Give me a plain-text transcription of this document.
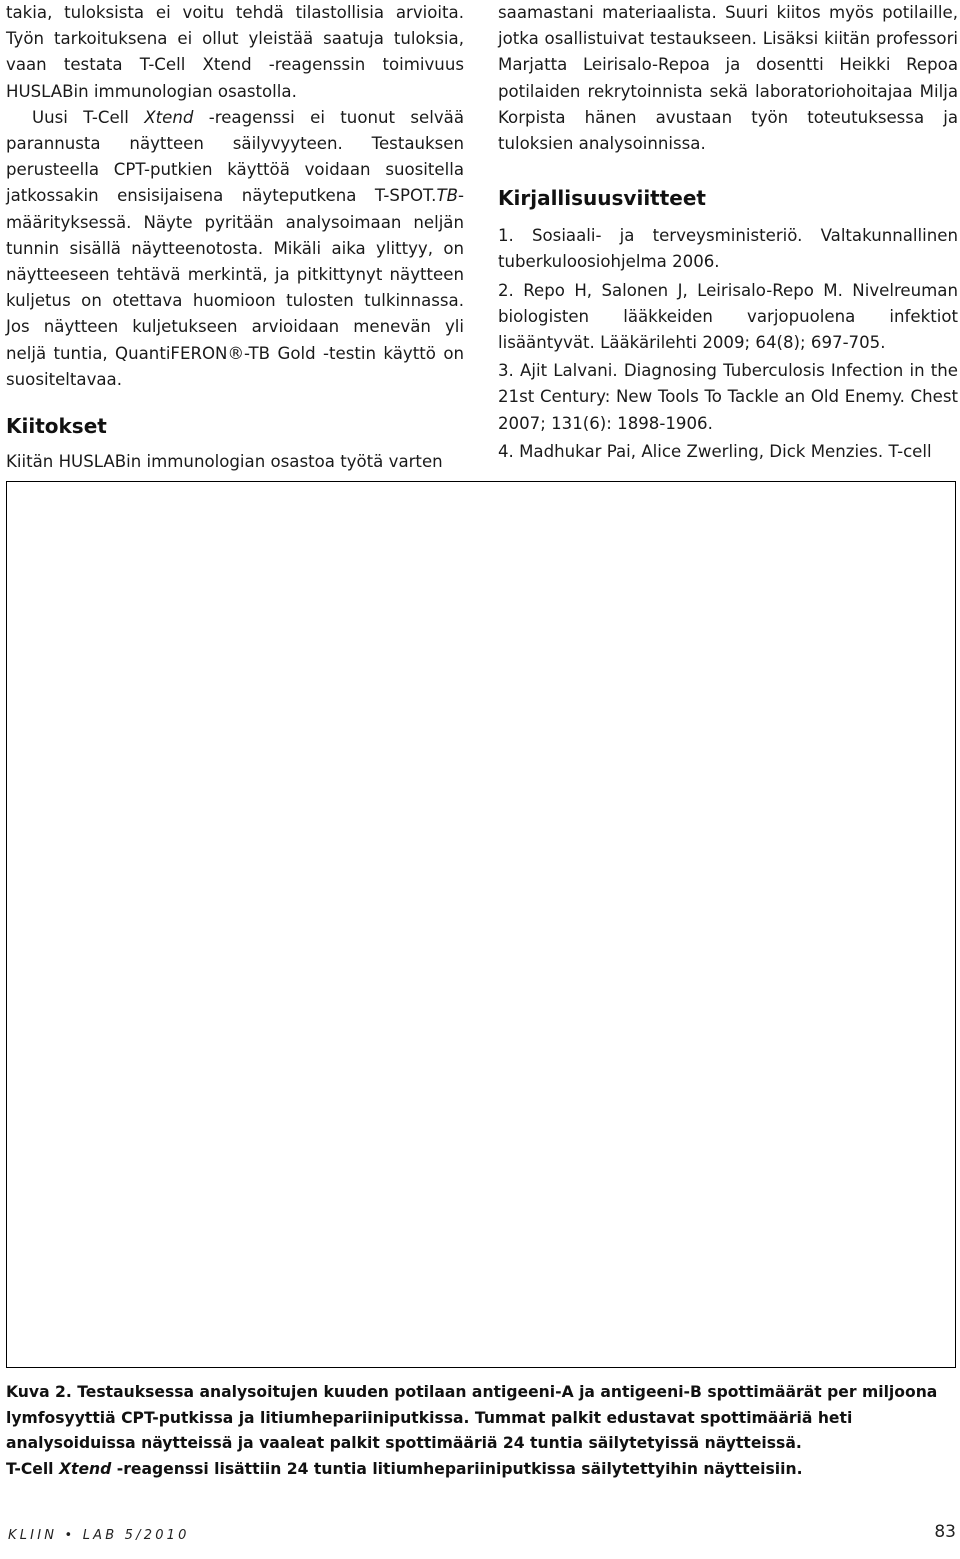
takia, tuloksista ei voitu tehdä tilastollisia arvioita. Työn tarkoituksena ei ollut yleistää saatuja tuloksia, vaan testata T-Cell Xtend -reagenssin toimivuus HUSLABin immunologian osastolla.

Uusi T-Cell Xtend -reagenssi ei tuonut selvää parannusta näytteen säilyvyyteen. Testauksen perusteella CPT-putkien käyttöä voidaan suositella jatkossakin ensisijaisena näyteputkena T-SPOT.TB-määrityksessä. Näyte pyritään analysoimaan neljän tunnin sisällä näytteenotosta. Mikäli aika ylittyy, on näytteeseen tehtävä merkintä, ja pitkittynyt näytteen kuljetus on otettava huomioon tulosten tulkinnassa. Jos näytteen kuljetukseen arvioidaan menevän yli neljä tuntia, QuantiFERON®-TB Gold -testin käyttö on suositeltavaa.

Kiitokset

Kiitän HUSLABin immunologian osastoa työtä varten

saamastani materiaalista. Suuri kiitos myös potilaille, jotka osallistuivat testaukseen. Lisäksi kiitän professori Marjatta Leirisalo-Repoa ja dosentti Heikki Repoa potilaiden rekrytoinnista sekä laboratoriohoitajaa Milja Korpista hänen avustaan työn toteutuksessa ja tuloksien analysoinnissa.

Kirjallisuusviitteet

1. Sosiaali- ja terveysministeriö. Valtakunnallinen tuberkuloosiohjelma 2006.

2. Repo H, Salonen J, Leirisalo-Repo M. Nivelreuman biologisten lääkkeiden varjopuolena infektiot lisääntyvät. Lääkärilehti 2009; 64(8); 697-705.

3. Ajit Lalvani. Diagnosing Tuberculosis Infection in the 21st Century: New Tools To Tackle an Old Enemy. Chest 2007; 131(6): 1898-1906.

4. Madhukar Pai, Alice Zwerling, Dick Menzies. T-cell

Kuva 2. Testauksessa analysoitujen kuuden potilaan antigeeni-A ja antigeeni-B spottimäärät per miljoona lymfosyyttiä CPT-putkissa ja litiumhepariiniputkissa. Tummat palkit edustavat spottimääriä heti analysoiduissa näytteissä ja vaaleat palkit spottimääriä 24 tuntia säilytetyissä näytteissä.
T-Cell Xtend -reagenssi lisättiin 24 tuntia litiumhepariiniputkissa säilytettyihin näytteisiin.
KLIIN • LAB 5/2010	83
